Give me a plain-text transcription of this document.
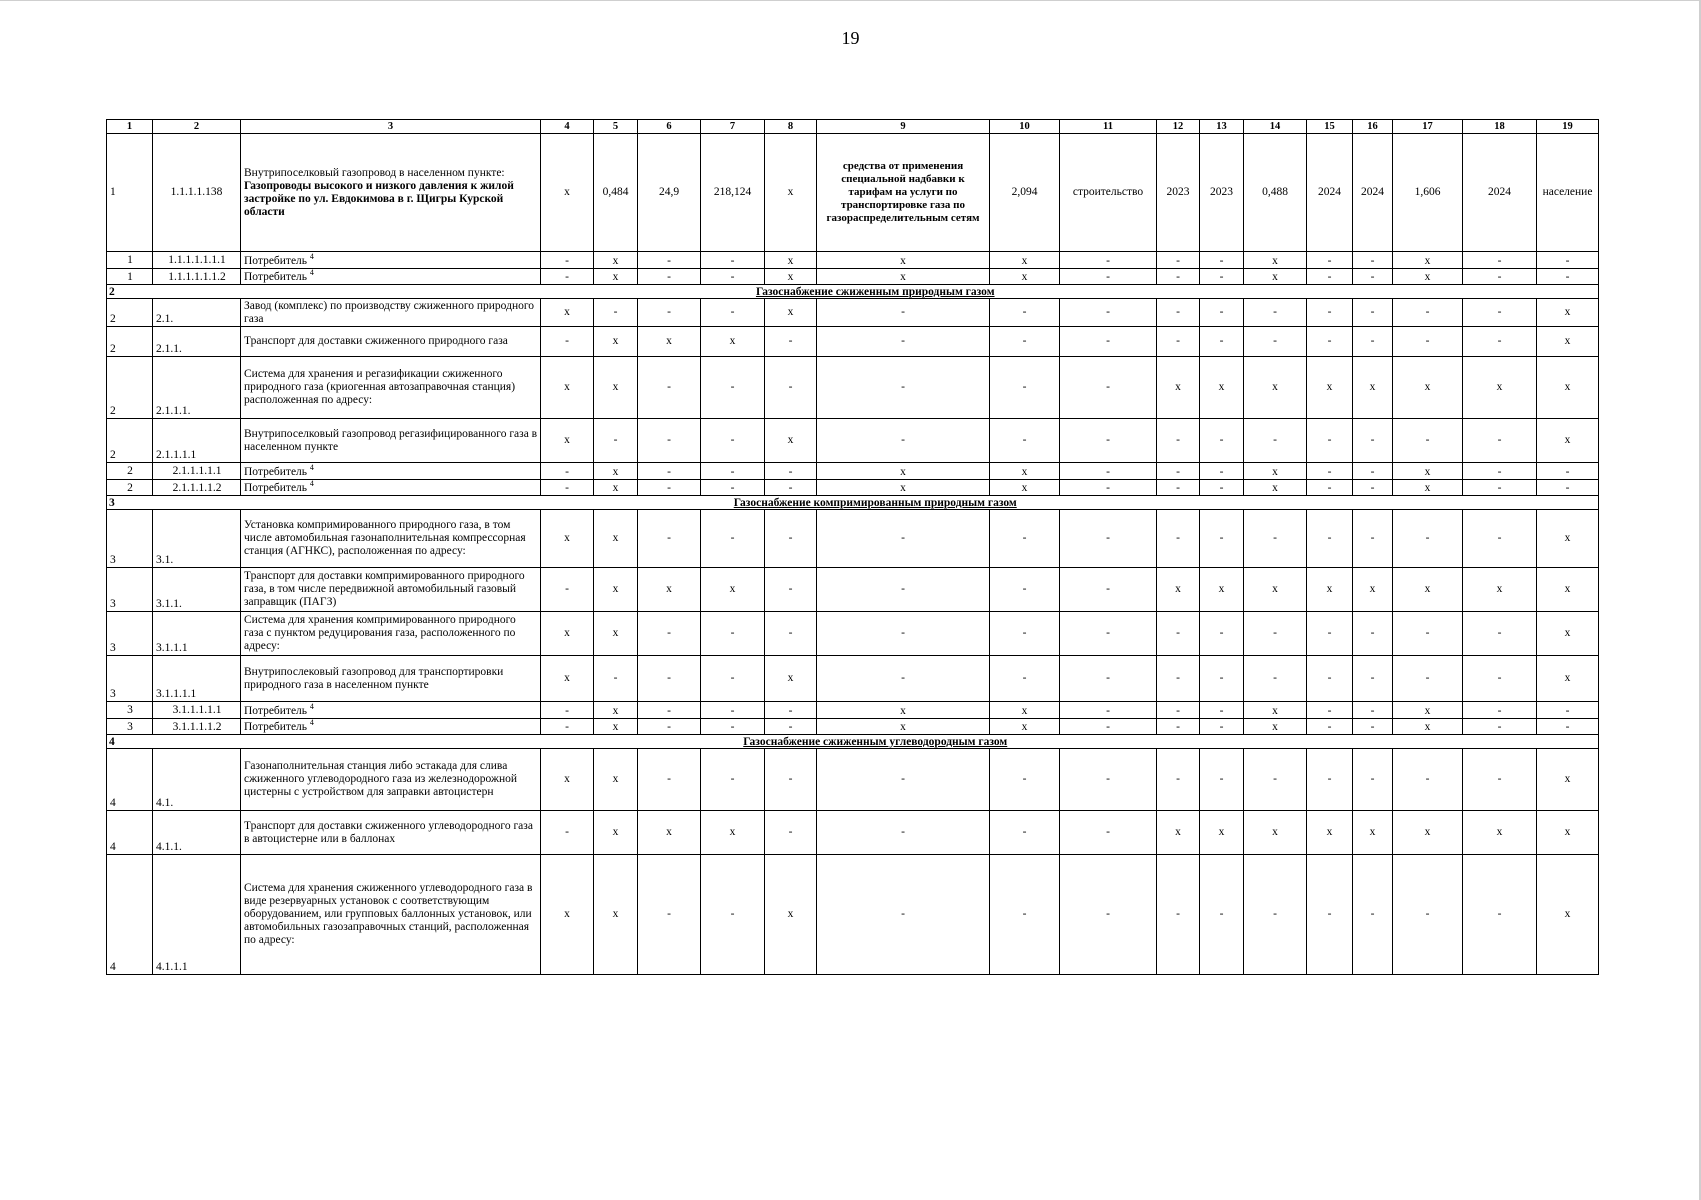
19
1	2	3	4	5	6	7	8	9	10	11	12	13	14	15	16	17	18	19
1	1.1.1.1.138	Внутрипоселковый газопровод в населенном пункте:
Газопроводы высокого и низкого давления к жилой застройке по ул. Евдокимова в г. Щигры Курской области	x	0,484	24,9	218,124	x	средства от применения специальной надбавки к тарифам на услуги по транспортировке газа по газораспределительным сетям	2,094	строительство	2023	2023	0,488	2024	2024	1,606	2024	население
1	1.1.1.1.1.1.1	Потребитель $^4$	-	x	-	-	x	x	x	-	-	-	x	-	-	x	-	-
1	1.1.1.1.1.1.2	Потребитель $^4$	-	x	-	-	x	x	x	-	-	-	x	-	-	x	-	-
2	Газоснабжение сжиженным природным газом																	
2	2.1.	Завод (комплекс) по производству сжиженного природного газа	x	-	-	-	x	-	-	-	-	-	-	-	-	-	-	x
2	2.1.1.	Транспорт для доставки сжиженного природного газа	-	x	x	x	-	-	-	-	-	-	-	-	-	-	-	x
2	2.1.1.1.	Система для хранения и регазификации сжиженного природного газа (криогенная автозаправочная станция) расположенная по адресу:	x	x	-	-	-	-	-	-	x	x	x	x	x	x	x	x
2	2.1.1.1.1	Внутрипоселковый газопровод регазифицированного газа в населенном пункте	x	-	-	-	x	-	-	-	-	-	-	-	-	-	-	x
2	2.1.1.1.1.1	Потребитель $^4$	-	x	-	-	-	x	x	-	-	-	x	-	-	x	-	-
2	2.1.1.1.1.2	Потребитель $^4$	-	x	-	-	-	x	x	-	-	-	x	-	-	x	-	-
3	Газоснабжение компримированным природным газом																	
3	3.1.	Установка компримированного природного газа, в том числе автомобильная газонаполнительная компрессорная станция (АГНКС), расположенная по адресу:	x	x	-	-	-	-	-	-	-	-	-	-	-	-	-	x
3	3.1.1.	Транспорт для доставки компримированного природного газа, в том числе передвижной автомобильный газовый заправщик (ПАГЗ)	-	x	x	x	-	-	-	-	x	x	x	x	x	x	x	x
3	3.1.1.1	Система для хранения компримированного природного газа с пунктом редуцирования газа, расположенного по адресу:	x	x	-	-	-	-	-	-	-	-	-	-	-	-	-	x
3	3.1.1.1.1	Внутрипослековый газопровод для транспортировки природного газа в населенном пункте	x	-	-	-	x	-	-	-	-	-	-	-	-	-	-	x
3	3.1.1.1.1.1	Потребитель $^4$	-	x	-	-	-	x	x	-	-	-	x	-	-	x	-	-
3	3.1.1.1.1.2	Потребитель $^4$	-	x	-	-	-	x	x	-	-	-	x	-	-	x	-	-
4	Газоснабжение сжиженным углеводородным газом																	
4	4.1.	Газонаполнительная станция либо эстакада для слива сжиженного углеводородного газа из железнодорожной цистерны с устройством для заправки автоцистерн	x	x	-	-	-	-	-	-	-	-	-	-	-	-	-	x
4	4.1.1.	Транспорт для доставки сжиженного углеводородного газа в автоцистерне или в баллонах	-	x	x	x	-	-	-	-	x	x	x	x	x	x	x	x
4	4.1.1.1	Система для хранения сжиженного углеводородного газа в виде резервуарных установок с соответствующим оборудованием, или групповых баллонных установок, или автомобильных газозаправочных станций, расположенная по адресу:	x	x	-	-	x	-	-	-	-	-	-	-	-	-	-	x
